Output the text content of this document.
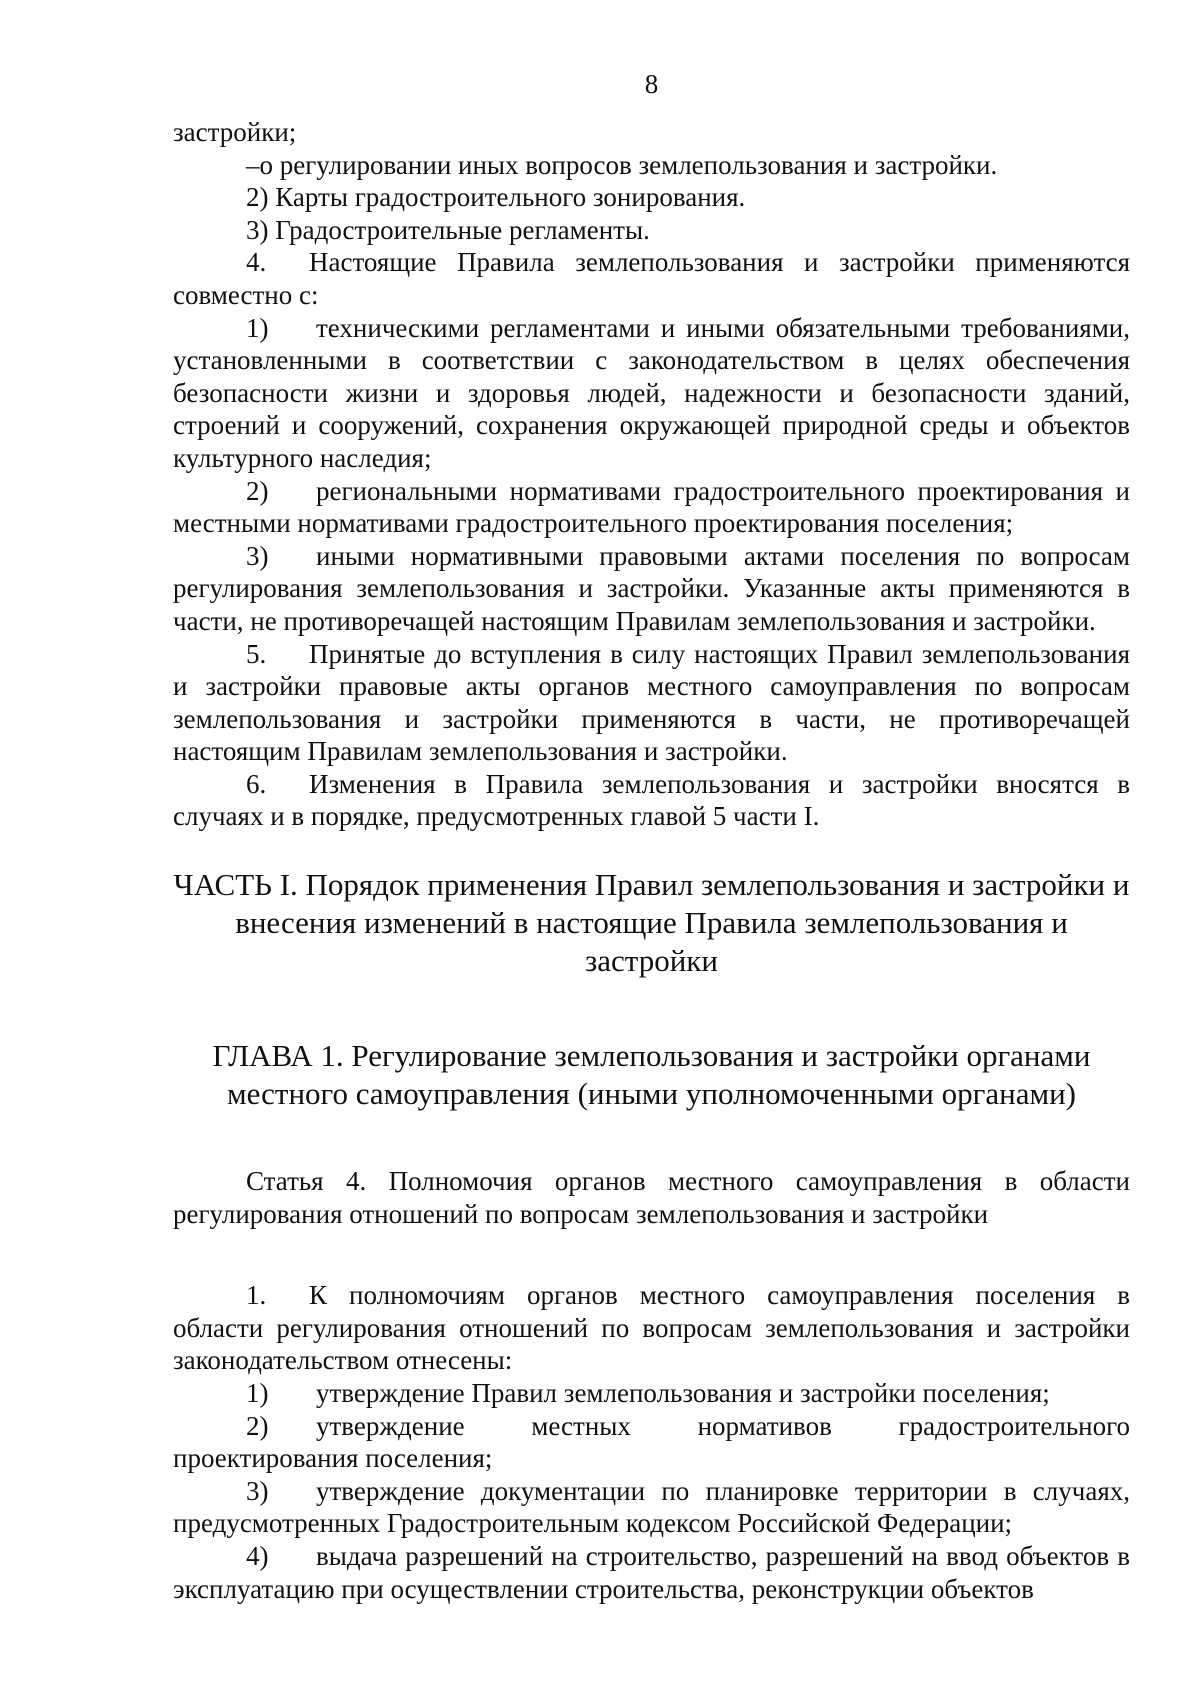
8

застройки;

–о регулировании иных вопросов землепользования и застройки.

2) Карты градостроительного зонирования.

3) Градостроительные регламенты.

4. Настоящие Правила землепользования и застройки применяются совместно с:

1) техническими регламентами и иными обязательными требованиями, установленными в соответствии с законодательством в целях обеспечения безопасности жизни и здоровья людей, надежности и безопасности зданий, строений и сооружений, сохранения окружающей природной среды и объектов культурного наследия;

2) региональными нормативами градостроительного проектирования и местными нормативами градостроительного проектирования поселения;

3) иными нормативными правовыми актами поселения по вопросам регулирования землепользования и застройки. Указанные акты применяются в части, не противоречащей настоящим Правилам землепользования и застройки.

5. Принятые до вступления в силу настоящих Правил землепользования и застройки правовые акты органов местного самоуправления по вопросам землепользования и застройки применяются в части, не противоречащей настоящим Правилам землепользования и застройки.

6. Изменения в Правила землепользования и застройки вносятся в случаях и в порядке, предусмотренных главой 5 части I.

ЧАСТЬ I. Порядок применения Правил землепользования и застройки и внесения изменений в настоящие Правила землепользования и застройки

ГЛАВА 1. Регулирование землепользования и застройки органами местного самоуправления (иными уполномоченными органами)

Статья 4. Полномочия органов местного самоуправления в области регулирования отношений по вопросам землепользования и застройки

1. К полномочиям органов местного самоуправления поселения в области регулирования отношений по вопросам землепользования и застройки законодательством отнесены:

1) утверждение Правил землепользования и застройки поселения;

2) утверждение местных нормативов градостроительного проектирования поселения;

3) утверждение документации по планировке территории в случаях, предусмотренных Градостроительным кодексом Российской Федерации;

4) выдача разрешений на строительство, разрешений на ввод объектов в эксплуатацию при осуществлении строительства, реконструкции объектов
